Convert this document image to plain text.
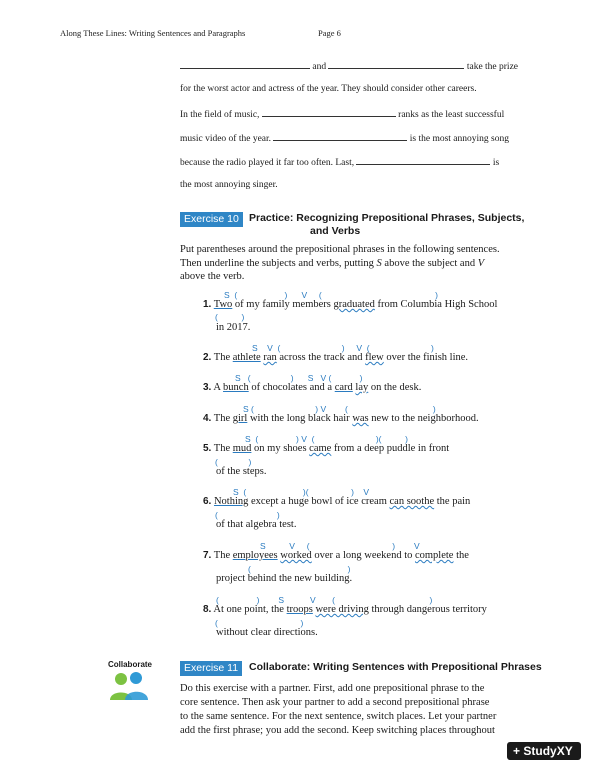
Along These Lines: Writing Sentences and Paragraphs	Page 6
and	take the prize
for the worst actor and actress of the year. They should consider other careers.
In the field of music,	ranks as the least successful
music video of the year.	is the most annoying song
because the radio played it far too often. Last,	is
the most annoying singer.
Exercise 10 Practice: Recognizing Prepositional Phrases, Subjects,
and Verbs
Put parentheses around the prepositional phrases in the following sentences.
Then underline the subjects and verbs, putting S above the subject and V
above the verb.
S  (                    )      V     (                                                )
1. Two of my family members graduated from Columbia High School
(          )
in 2017.
S    V  (                          )     V  (                          )
2. The athlete ran across the track and flew over the finish line.
S   (                 )      S   V (            )
3. A bunch of chocolates and a card lay on the desk.
S (                          ) V        (                                    )
4. The girl with the long black hair was new to the neighborhood.
S  (                ) V  (                          )(          )
5. The mud on my shoes came from a deep puddle in front
(             )
of the steps.
S  (                        )(                  )    V
6. Nothing except a huge bowl of ice cream can soothe the pain
(                         )
of that algebra test.
S          V     (                                   )        V
7. The employees worked over a long weekend to complete the
(                                         )
project behind the new building.
(                )        S           V       (                                        )
8. At one point, the troops were driving through dangerous territory
(                                   )
without clear directions.
Collaborate	Exercise 11	Collaborate: Writing Sentences with Prepositional Phrases
Do this exercise with a partner. First, add one prepositional phrase to the
core sentence. Then ask your partner to add a second prepositional phrase
to the same sentence. For the next sentence, switch places. Let your partner
add the first phrase; you add the second. Keep switching places throughout
+ StudyXY
